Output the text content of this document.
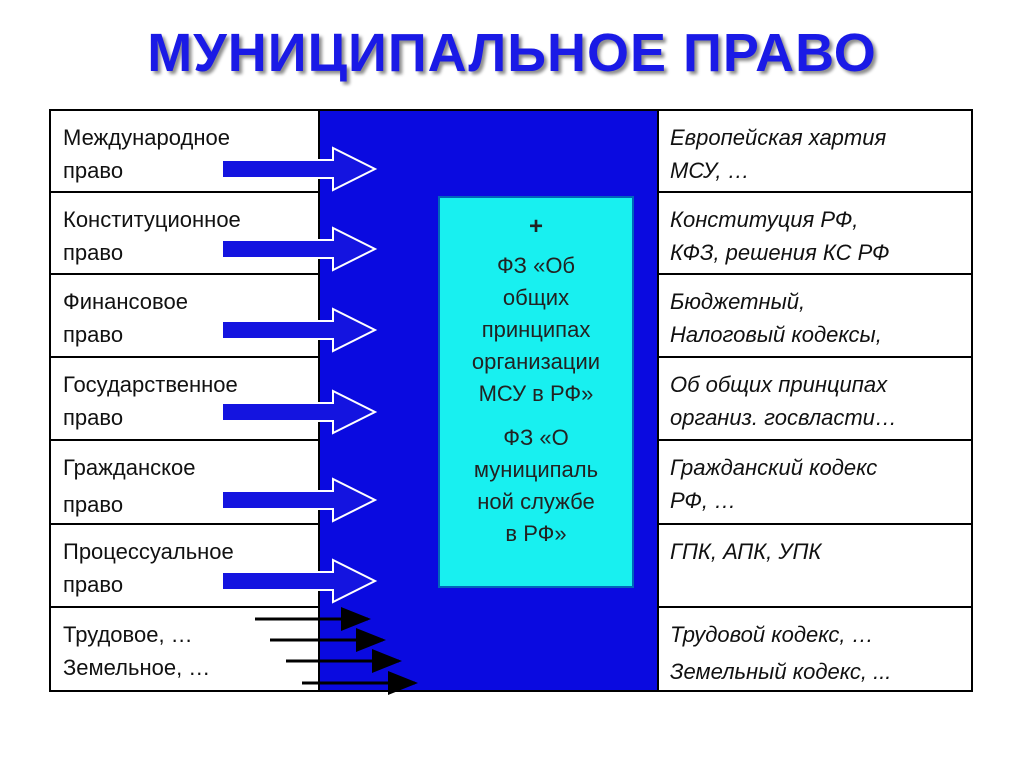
МУНИЦИПАЛЬНОЕ ПРАВО
Международное
право
Конституционное
право
Финансовое
право
Государственное
право
Гражданское
право
Процессуальное
право
Трудовое, …
Земельное, …
Европейская хартия
МСУ, …
Конституция РФ,
КФЗ, решения КС РФ
Бюджетный,
Налоговый кодексы,
Об общих принципах
организ. госвласти…
Гражданский кодекс
РФ, …
ГПК, АПК, УПК
Трудовой кодекс, …
Земельный кодекс, ...
+
ФЗ «Об
общих
принципах
организации
МСУ в РФ»
ФЗ «О
муниципаль
ной службе
в РФ»
